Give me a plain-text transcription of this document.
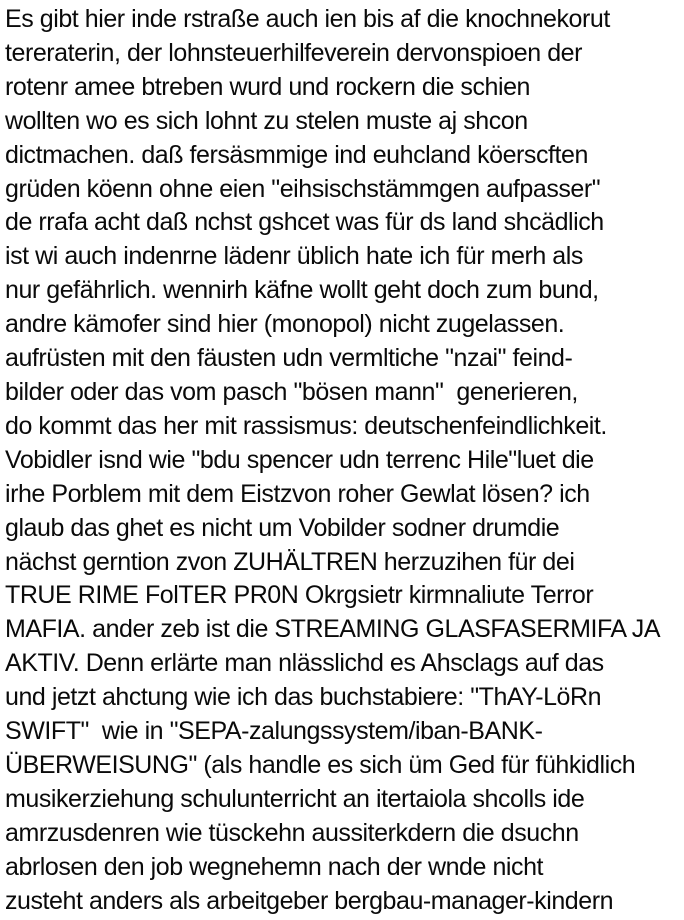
Es gibt hier inde rstraße auch ien bis af die knochnekorut
tereraterin, der lohnsteuerhilfeverein dervonspioen der
rotenr amee btreben wurd und rockern die schien
wollten wo es sich lohnt zu stelen muste aj shcon
dictmachen. daß fersäsmmige ind euhcland köerscften
grüden köenn ohne eien "eihsischstämmgen aufpasser"
de rrafa acht daß nchst gshcet was für ds land shcädlich
ist wi auch indenrne lädenr üblich hate ich für merh als
nur gefährlich. wennirh käfne wollt geht doch zum bund,
andre kämofer sind hier (monopol) nicht zugelassen.
aufrüsten mit den fäusten udn vermltiche "nzai" feind-
bilder oder das vom pasch "bösen mann"  generieren,
do kommt das her mit rassismus: deutschenfeindlichkeit.
Vobidler isnd wie "bdu spencer udn terrenc Hile"luet die
irhe Porblem mit dem Eistzvon roher Gewlat lösen? ich
glaub das ghet es nicht um Vobilder sodner drumdie
nächst gerntion zvon ZUHÄLTREN herzuzihen für dei
TRUE RIME FolTER PR0N Okrgsietr kirmnaliute Terror
MAFIA. ander zeb ist die STREAMING GLASFASERMIFA JA
AKTIV. Denn erlärte man nlässlichd es Ahsclags auf das
und jetzt ahctung wie ich das buchstabiere: "ThAY-LöRn
SWIFT"  wie in "SEPA-zalungssystem/iban-BANK-
ÜBERWEISUNG" (als handle es sich üm Ged für fühkidlich
musikerziehung schulunterricht an itertaiola shcolls ide
amrzusdenren wie tüsckehn aussiterkdern die dsuchn
abrlosen den job wegnehemn nach der wnde nicht
zusteht anders als arbeitgeber bergbau-manager-kindern
